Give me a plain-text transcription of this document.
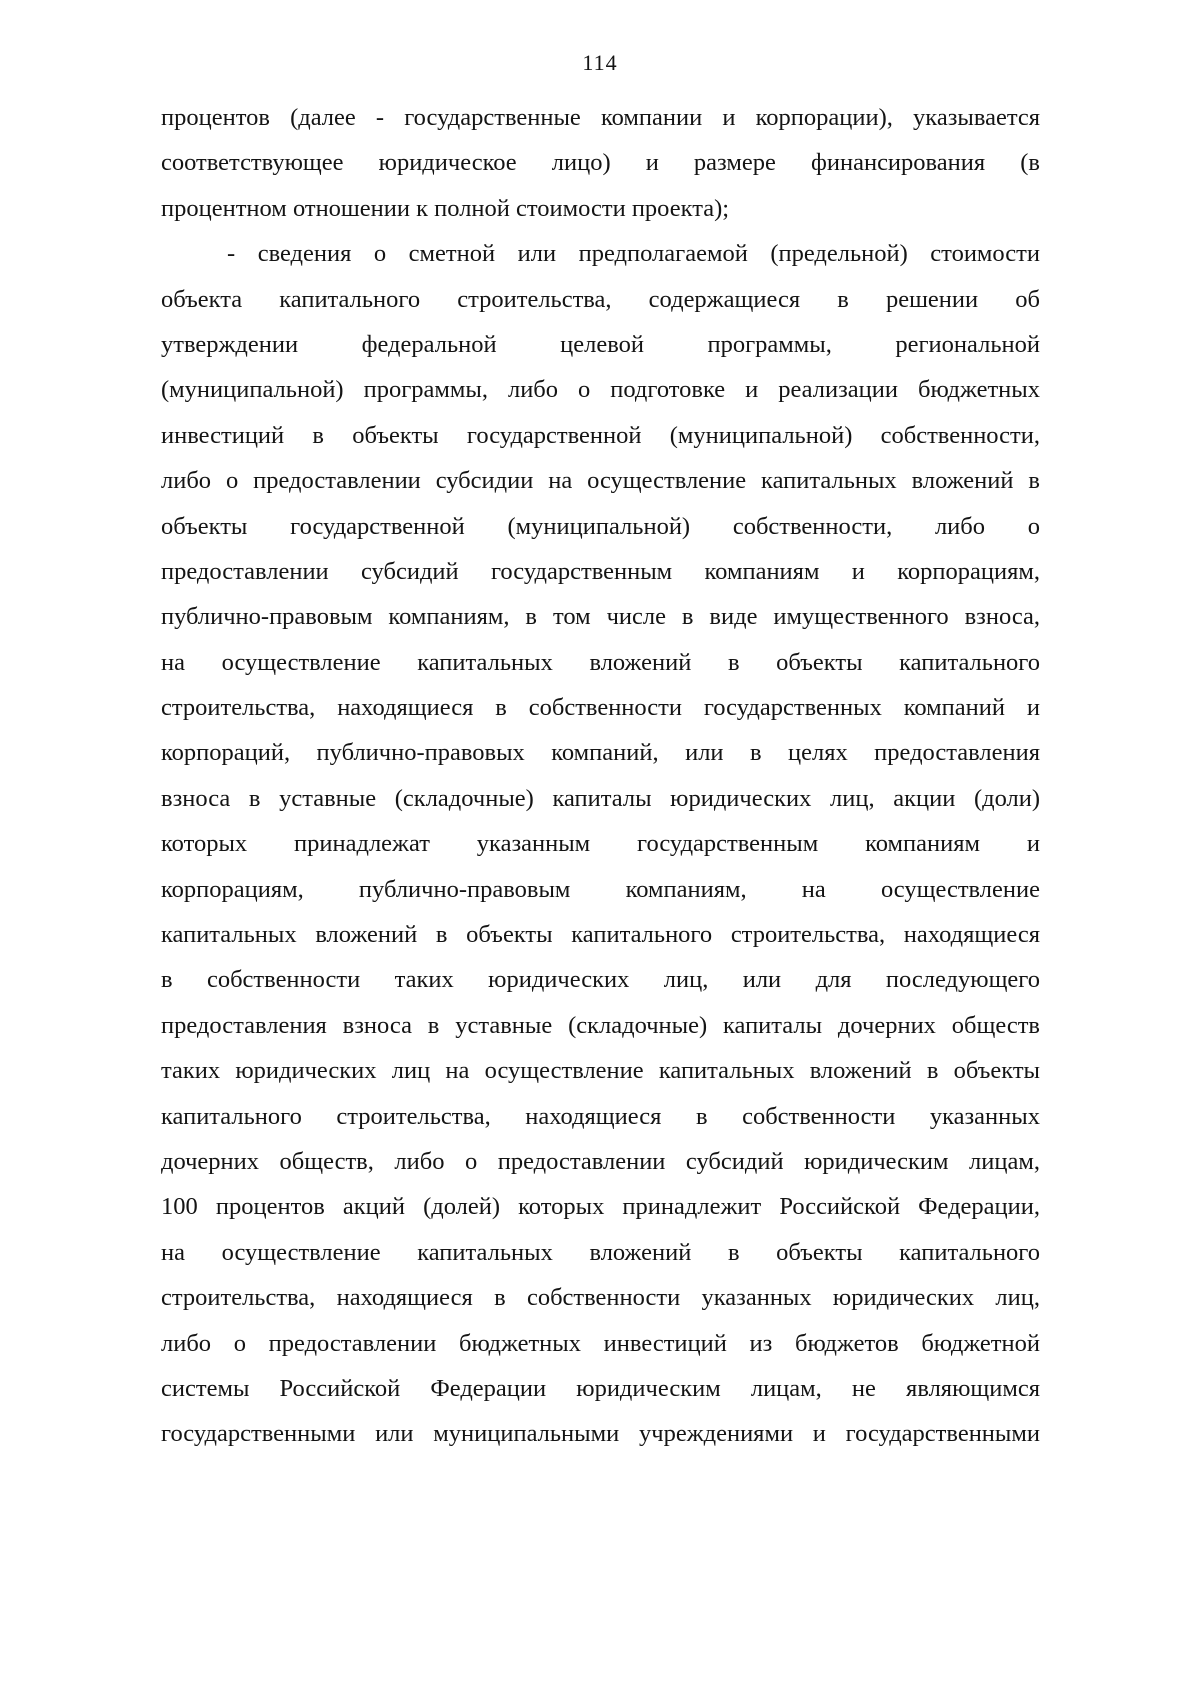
114
процентов (далее - государственные компании и корпорации), указывается
соответствующее юридическое лицо) и размере финансирования (в
процентном отношении к полной стоимости проекта);
- сведения о сметной или предполагаемой (предельной) стоимости
объекта капитального строительства, содержащиеся в решении об
утверждении федеральной целевой программы, региональной
(муниципальной) программы, либо о подготовке и реализации бюджетных
инвестиций в объекты государственной (муниципальной) собственности,
либо о предоставлении субсидии на осуществление капитальных вложений в
объекты государственной (муниципальной) собственности, либо о
предоставлении субсидий государственным компаниям и корпорациям,
публично-правовым компаниям, в том числе в виде имущественного взноса,
на осуществление капитальных вложений в объекты капитального
строительства, находящиеся в собственности государственных компаний и
корпораций, публично-правовых компаний, или в целях предоставления
взноса в уставные (складочные) капиталы юридических лиц, акции (доли)
которых принадлежат указанным государственным компаниям и
корпорациям, публично-правовым компаниям, на осуществление
капитальных вложений в объекты капитального строительства, находящиеся
в собственности таких юридических лиц, или для последующего
предоставления взноса в уставные (складочные) капиталы дочерних обществ
таких юридических лиц на осуществление капитальных вложений в объекты
капитального строительства, находящиеся в собственности указанных
дочерних обществ, либо о предоставлении субсидий юридическим лицам,
100 процентов акций (долей) которых принадлежит Российской Федерации,
на осуществление капитальных вложений в объекты капитального
строительства, находящиеся в собственности указанных юридических лиц,
либо о предоставлении бюджетных инвестиций из бюджетов бюджетной
системы Российской Федерации юридическим лицам, не являющимся
государственными или муниципальными учреждениями и государственными
